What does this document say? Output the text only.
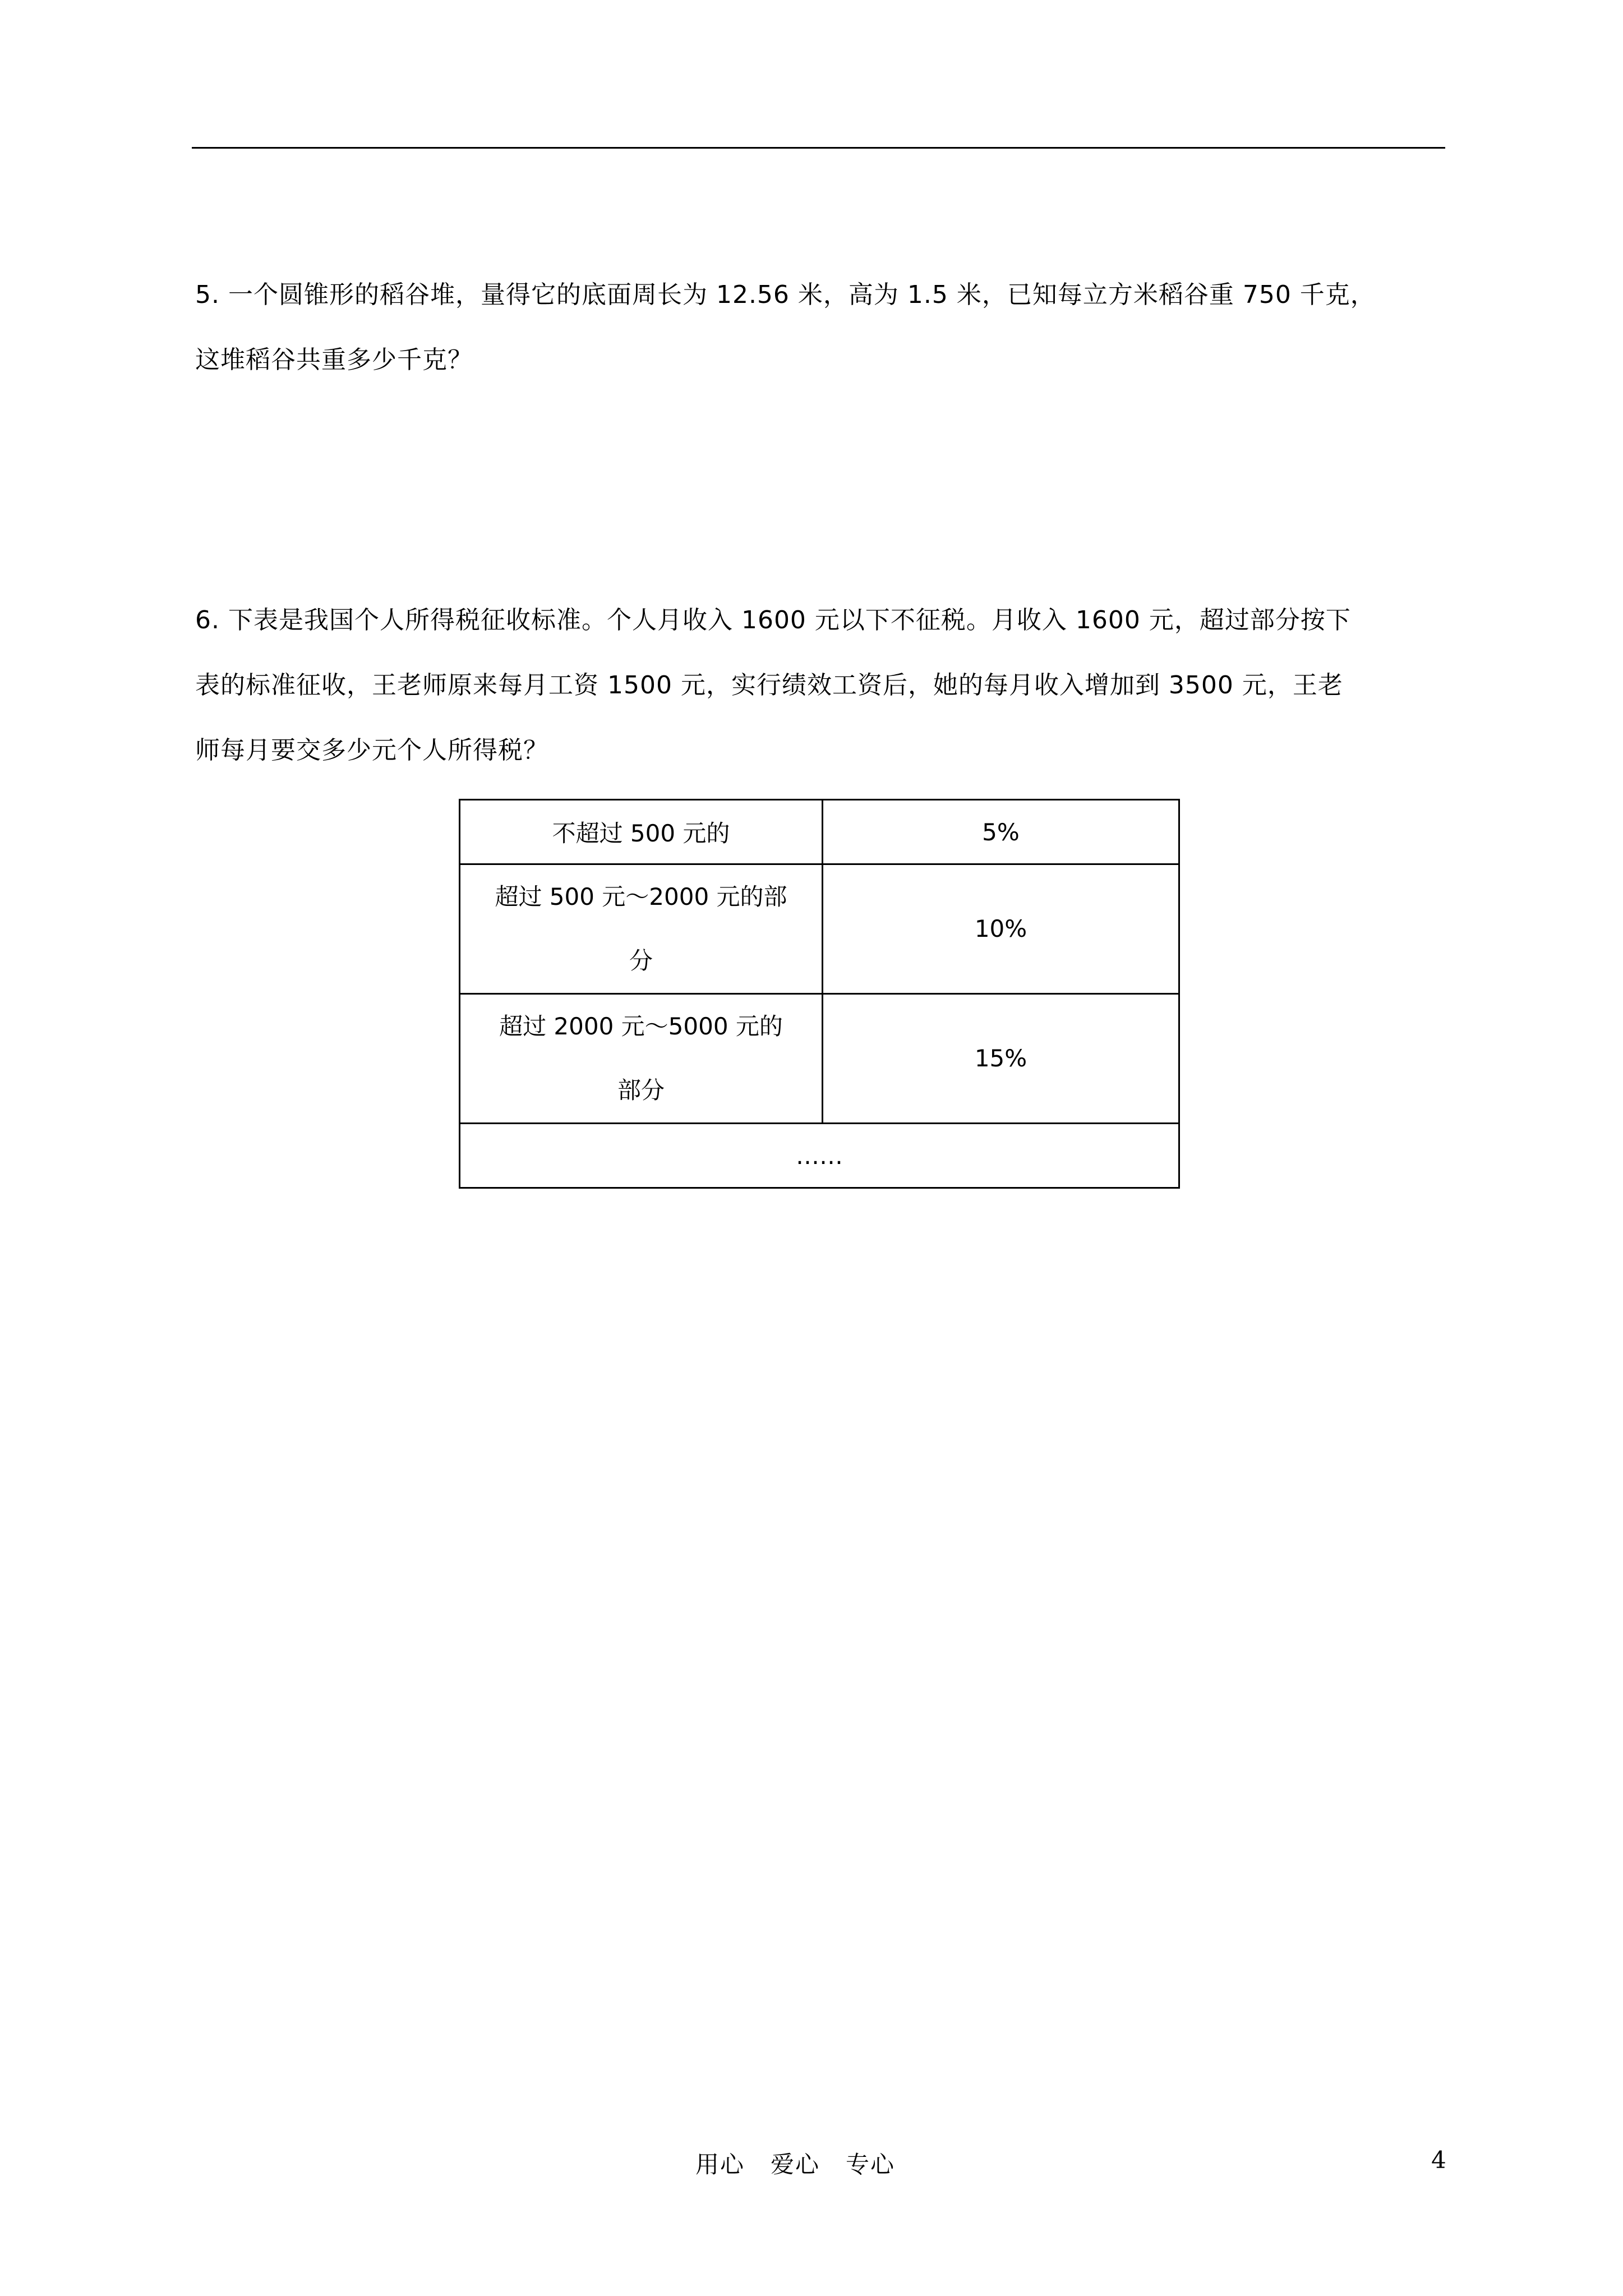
5. 一个圆锥形的稻谷堆，量得它的底面周长为 12.56 米，高为 1.5 米，已知每立方米稻谷重 750 千克，
这堆稻谷共重多少千克？
6. 下表是我国个人所得税征收标准。个人月收入 1600 元以下不征税。月收入 1600 元，超过部分按下
表的标准征收，王老师原来每月工资 1500 元，实行绩效工资后，她的每月收入增加到 3500 元，王老
师每月要交多少元个人所得税？
不超过 500 元的	5%

超过 500 元～2000 元的部
分	10%

超过 2000 元～5000 元的
部分	15%
……	
用心 爱心 专心	4
